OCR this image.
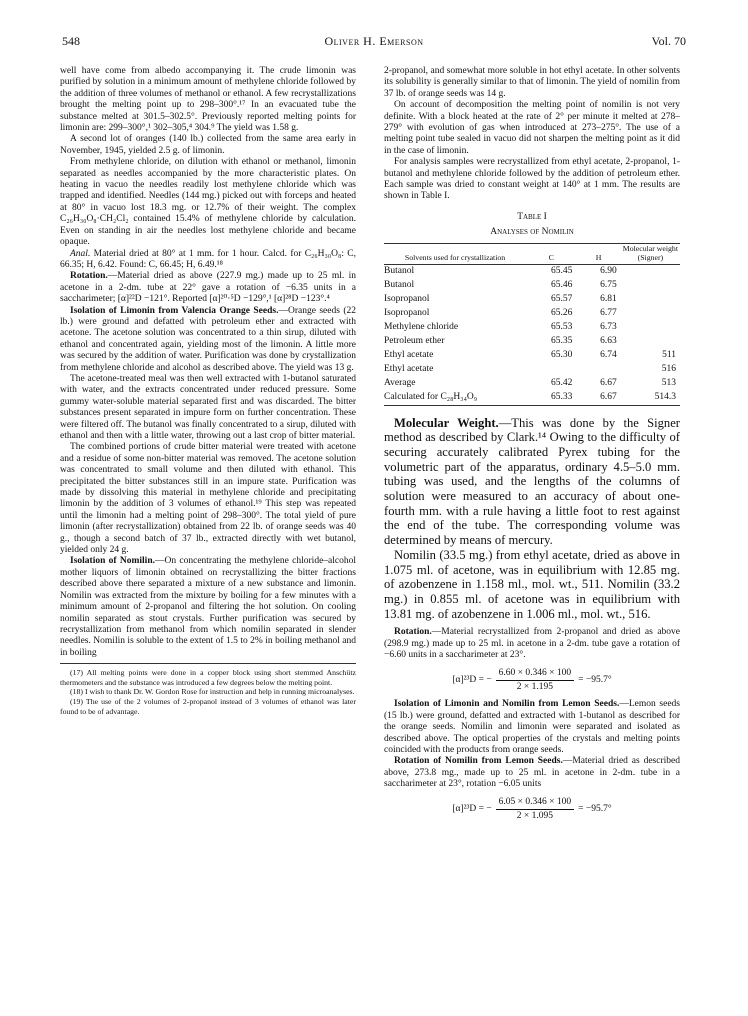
548	Oliver H. Emerson	Vol. 70

well have come from albedo accompanying it. The crude limonin was purified by solution in a minimum amount of methylene chloride followed by the addition of three volumes of methanol or ethanol. A few recrystallizations brought the melting point up to 298–300°.¹⁷ In an evacuated tube the substance melted at 301.5–302.5°. Previously reported melting points for limonin are: 299–300°,¹ 302–305,⁴ 304.⁹ The yield was 1.58 g.

A second lot of oranges (140 lb.) collected from the same area early in November, 1945, yielded 2.5 g. of limonin.

From methylene chloride, on dilution with ethanol or methanol, limonin separated as needles accompanied by the more characteristic plates. On heating in vacuo the needles readily lost methylene chloride which was trapped and identified. Needles (144 mg.) picked out with forceps and heated at 80° in vacuo lost 18.3 mg. or 12.7% of their weight. The complex C₂₆H₃₀O₈·CH₂Cl₂ contained 15.4% of methylene chloride by calculation. Even on standing in air the needles lost methylene chloride and became opaque.

Anal. Material dried at 80° at 1 mm. for 1 hour. Calcd. for C₂₆H₃₀O₈: C, 66.35; H, 6.42. Found: C, 66.45; H, 6.49.¹⁸

Rotation.—Material dried as above (227.9 mg.) made up to 25 ml. in acetone in a 2-dm. tube at 22° gave a rotation of −6.35 units in a saccharimeter; [α]²²D −121°. Reported [α]²⁰·⁵D −129°,¹ [α]²⁸D −123°.⁴

Isolation of Limonin from Valencia Orange Seeds.—Orange seeds (22 lb.) were ground and defatted with petroleum ether and extracted with acetone. The acetone solution was concentrated to a thin sirup, diluted with ethanol and concentrated again, yielding most of the limonin. A little more was secured by the addition of water. Purification was done by crystallization from methylene chloride and alcohol as described above. The yield was 13 g.

The acetone-treated meal was then well extracted with 1-butanol saturated with water, and the extracts concentrated under reduced pressure. Some gummy water-soluble material separated first and was discarded. The bitter substances present separated in impure form on further concentration. These were filtered off. The butanol was finally concentrated to a sirup, diluted with ethanol and then with a little water, throwing out a last crop of bitter material.

The combined portions of crude bitter material were treated with acetone and a residue of some non-bitter material was removed. The acetone solution was concentrated to small volume and then diluted with ethanol. This precipitated the bitter substances still in an impure state. Purification was made by dissolving this material in methylene chloride and precipitating limonin by the addition of 3 volumes of ethanol.¹⁹ This step was repeated until the limonin had a melting point of 298–300°. The total yield of pure limonin (after recrystallization) obtained from 22 lb. of orange seeds was 40 g., though a second batch of 37 lb., extracted directly with wet butanol, yielded only 24 g.

Isolation of Nomilin.—On concentrating the methylene chloride–alcohol mother liquors of limonin obtained on recrystallizing the bitter fractions described above there separated a mixture of a new substance and limonin. Nomilin was extracted from the mixture by boiling for a few minutes with a minimum amount of 2-propanol and filtering the hot solution. On cooling nomilin separated as stout crystals. Further purification was secured by recrystallization from methanol from which nomilin separated in slender needles. Nomilin is soluble to the extent of 1.5 to 2% in boiling methanol and in boiling

(17) All melting points were done in a copper block using short stemmed Anschütz thermometers and the substance was introduced a few degrees below the melting point.

(18) I wish to thank Dr. W. Gordon Rose for instruction and help in running microanalyses.

(19) The use of the 2 volumes of 2-propanol instead of 3 volumes of ethanol was later found to be of advantage.

2-propanol, and somewhat more soluble in hot ethyl acetate. In other solvents its solubility is generally similar to that of limonin. The yield of nomilin from 37 lb. of orange seeds was 14 g.

On account of decomposition the melting point of nomilin is not very definite. With a block heated at the rate of 2° per minute it melted at 278–279° with evolution of gas when introduced at 273–275°. The use of a melting point tube sealed in vacuo did not sharpen the melting point as it did in the case of limonin.

For analysis samples were recrystallized from ethyl acetate, 2-propanol, 1-butanol and methylene chloride followed by the addition of petroleum ether. Each sample was dried to constant weight at 140° at 1 mm. The results are shown in Table I.

Table I
Analyses of Nomilin
Solvents used for crystallization	C	H	Molecular weight (Signer)
Butanol	65.45	6.90	
Butanol	65.46	6.75	
Isopropanol	65.57	6.81	
Isopropanol	65.26	6.77	
Methylene chloride	65.53	6.73	
Petroleum ether	65.35	6.63	
Ethyl acetate	65.30	6.74	511
Ethyl acetate			516
Average	65.42	6.67	513
Calculated for C₂₈H₃₄O₉	65.33	6.67	514.3

Molecular Weight.—This was done by the Signer method as described by Clark.¹⁴ Owing to the difficulty of securing accurately calibrated Pyrex tubing for the volumetric part of the apparatus, ordinary 4.5–5.0 mm. tubing was used, and the lengths of the columns of solution were measured to an accuracy of about one-fourth mm. with a rule having a little foot to rest against the end of the tube. The corresponding volume was determined by means of mercury.

Nomilin (33.5 mg.) from ethyl acetate, dried as above in 1.075 ml. of acetone, was in equilibrium with 12.85 mg. of azobenzene in 1.158 ml., mol. wt., 511. Nomilin (33.2 mg.) in 0.855 ml. of acetone was in equilibrium with 13.81 mg. of azobenzene in 1.006 ml., mol. wt., 516.

Rotation.—Material recrystallized from 2-propanol and dried as above (298.9 mg.) made up to 25 ml. in acetone in a 2-dm. tube gave a rotation of −6.60 units in a saccharimeter at 23°.

[α]²³D = − $\frac{6.60 \times 0.346 \times 100}{2 \times 1.195} = -95.7^\circ$

Isolation of Limonin and Nomilin from Lemon Seeds.—Lemon seeds (15 lb.) were ground, defatted and extracted with 1-butanol as described for the orange seeds. Nomilin and limonin were separated and isolated as described above. The optical properties of the crystals and melting points coincided with the products from orange seeds.

Rotation of Nomilin from Lemon Seeds.—Material dried as described above, 273.8 mg., made up to 25 ml. in acetone in 2-dm. tube in a saccharimeter at 23°, rotation −6.05 units

[α]²³D = − $\frac{6.05 \times 0.346 \times 100}{2 \times 1.095} = -95.7^\circ$
